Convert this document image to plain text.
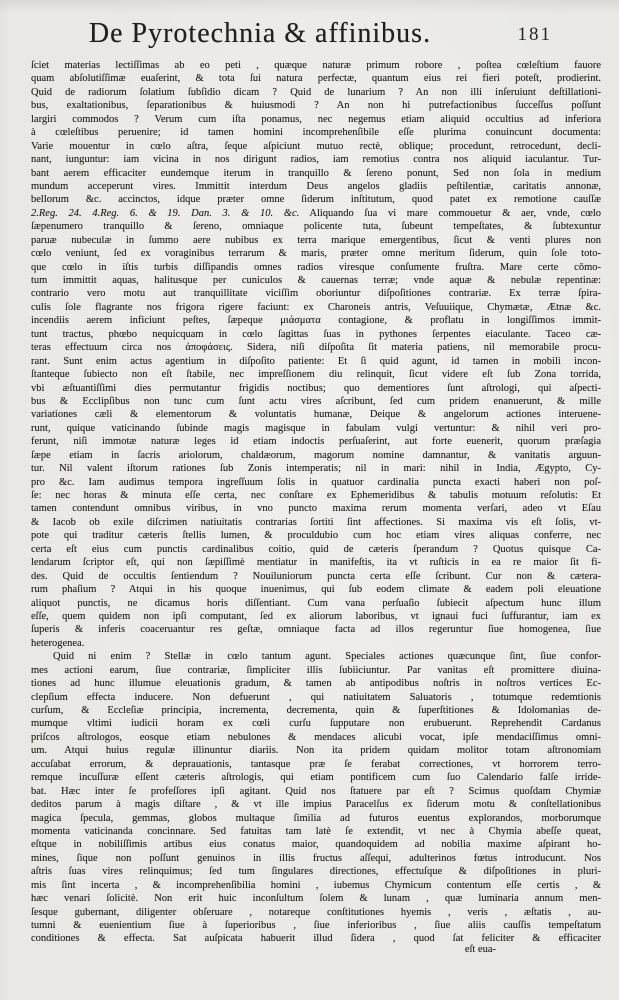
De Pyrotechnia & affinibus.	181
ſciet materias lectiſſimas ab eo peti , quæque naturæ primum robore , poſtea cœleſtium fauore
quam abſolutiſſimæ euaſerint, & tota ſui natura perfectæ, quantum eius rei fieri poteſt, prodierint.
Quid de radiorum ſolatium ſubſidio dicam ? Quid de lunarium ? An non illi inſeruiunt deſtillationi-
bus, exaltationibus, ſeparationibus & huiusmodi ? An non hi putrefactionibus ſucceſſus poſſunt
largiri commodos ? Verum cum iſta ponamus, nec negemus etiam aliquid occultius ad inferiora
à cœleſtibus peruenire; id tamen homini incomprehenſibile eſſe plurima conuincunt documenta:
Varie mouentur in cœlo aſtra, ſeque aſpiciunt mutuo rectè, oblique; procedunt, retrocedunt, decli-
nant, iunguntur: iam vicina in nos dirigunt radios, iam remotius contra nos aliquid iaculantur. Tur-
bant aerem efficaciter eundemque iterum in tranquillo & ſereno ponunt, Sed non ſola in medium
mundum acceperunt vires. Immittit interdum Deus angelos gladiis peſtilentiæ, caritatis annonæ,
bellorum &c. accinctos, idque præter omne ſiderum inſtitutum, quod patet ex remotione cauſſæ
2.Reg. 24. 4.Reg. 6. & 19. Dan. 3. & 10. &c. Aliquando ſua vi mare commouetur & aer, vnde, cœlo
ſæpenumero tranquillo & ſereno, omniaque policente tuta, ſubeunt tempeſtates, & ſubtexuntur
paruæ nubeculæ in ſummo aere nubibus ex terra marique emergentibus, ſicut & venti plures non
cœlo veniunt, ſed ex voraginibus terrarum & maris, præter omne meritum ſiderum, quin ſole toto-
que cœlo in iſtis turbis diſſipandis omnes radios viresque conſumente fruſtra. Mare certe cōmo-
tum immittit aquas, halitusque per cuniculos & cauernas terræ; vnde aquæ & nebulæ repentinæ:
contrario vero motu aut tranquillitate viciſſim oboriuntur diſpoſitiones contrariæ. Ex terræ ſpira-
culis ſole flagrante nos frigora rigere faciunt: ex Charoneis antris, Veſuuiique, Chymætæ, Ætnæ &c.
incendiis aerem inficiunt peſtes, ſæpeque μιάσματα contagione, & proflatu in longiſſimos immit-
tunt tractus, phœbo nequicquam in cœlo ſagittas ſuas in pythones ſerpentes eiaculante. Taceo cæ-
teras effectuum circa nos ἀποφάσεις. Sidera, niſi diſpoſita ſit materia patiens, nil memorabile procu-
rant. Sunt enim actus agentium in diſpoſito patiente: Et ſi quid agunt, id tamen in mobili incon-
ſtanteque ſubiecto non eſt ſtabile, nec impreſſionem diu relinquit, ſicut videre eſt ſub Zona torrida,
vbi æſtuantiſſimi dies permutantur frigidis noctibus; quo dementiores ſunt aſtrologi, qui aſpecti-
bus & Ecclipſibus non tunc cum ſunt actu vires aſcribunt, ſed cum pridem enanuerunt, & mille
variationes cæli & elementorum & voluntatis humanæ, Deique & angelorum actiones interuene-
runt, quique vaticinando ſubinde magis magisque in fabulam vulgi vertuntur: & nihil veri pro-
ferunt, niſi immotæ naturæ leges id etiam indoctis perſuaſerint, aut forte euenerit, quorum præſagia
ſæpe etiam in ſacris ariolorum, chaldæorum, magorum nomine damnantur, & vanitatis arguun-
tur. Nil valent iſtorum rationes ſub Zonis intemperatis; nil in mari: nihil in India, Ægypto, Cy-
pro &c. Iam audimus tempora ingreſſuum ſolis in quatuor cardinalia puncta exacti haberi non poſ-
ſe: nec horas & minuta eſſe certa, nec conſtare ex Ephemeridibus & tabulis motuum reſolutis: Et
tamen contendunt omnibus viribus, in vno puncto maxima rerum momenta verſari, adeo vt Eſau
& Iacob ob exile diſcrimen natiuitatis contrarias ſortiti ſint affectiones. Si maxima vis eſt ſolis, vt-
pote qui traditur cæteris ſtellis lumen, & proculdubio cum hoc etiam vires aliquas conferre, nec
certa eſt eius cum punctis cardinalibus coitio, quid de cæteris ſperandum ? Quotus quisque Ca-
lendarum ſcriptor eſt, qui non ſæpiſſimè mentiatur in manifeſtis, ita vt ruſticis in ea re maior ſit fi-
des. Quid de occultis ſentiendum ? Nouiluniorum puncta certa eſſe ſcribunt. Cur non & cætera-
rum phaſium ? Atqui in his quoque inuenimus, qui ſub eodem climate & eadem poli eleuatione
aliquot punctis, ne dicamus horis diſſentiant. Cum vana perſuaſio ſubiecit aſpectum hunc illum
eſſe, quem quidem non ipſi computant, ſed ex aliorum laboribus, vt ignaui fuci ſuffurantur, iam ex
ſuperis & inferis coaceruantur res geſtæ, omniaque facta ad illos regeruntur ſiue homogenea, ſiue
heterogenea.
Quid ni enim ? Stellæ in cœlo tantum agunt. Speciales actiones quæcunque ſint, ſiue confor-
mes actioni earum, ſiue contrariæ, ſimpliciter illis ſubiiciuntur. Par vanitas eſt promittere diuina-
tiones ad hunc illumue eleuationis gradum, & tamen ab antipodibus noſtris in noſtros vertices Ec-
clepſium effecta inducere. Non defuerunt , qui natiuitatem Saluatoris , totumque redemtionis
curſum, & Eccleſiæ principia, incrementa, decrementa, quin & ſuperſtitiones & Idolomanias de-
mumque vltimi iudicii horam ex cœli curſu ſupputare non erubuerunt. Reprehendit Cardanus
priſcos aſtrologos, eosque etiam nebulones & mendaces alicubi vocat, ipſe mendaciſſimus omni-
um. Atqui huius regulæ illinuntur diariis. Non ita pridem quidam molitor totam aſtronomiam
accuſabat errorum, & deprauationis, tantasque præ ſe ferabat correctiones, vt horrorem terro-
remque incuſſuræ eſſent cæteris aſtrologis, qui etiam pontificem cum ſuo Calendario falſe irride-
bat. Hæc inter ſe profeſſores ipſi agitant. Quid nos ſtatuere par eſt ? Scimus quoſdam Chymiæ
deditos parum à magis diſtare , & vt ille impius Paracelſus ex ſiderum motu & conſtellationibus
magica ſpecula, gemmas, globos multaque ſimilia ad futuros euentus explorandos, morborumque
momenta vaticinanda concinnare. Sed fatuitas tam latè ſe extendit, vt nec à Chymia abeſſe queat,
eſtque in nobiliſſimis artibus eius conatus maior, quandoquidem ad nobilia maxime aſpirant ho-
mines, ſique non poſſunt genuinos in illis fructus aſſequi, adulterinos fœtus introducunt. Nos
aſtris ſuas vires relinquimus; ſed tum ſingulares directiones, effectuſque & diſpoſitiones in pluri-
mis ſint incerta , & incomprehenſibilia homini , iubemus Chymicum contentum eſſe certis , &
hæc venari ſolicitè. Non erit huic inconſultum ſolem & lunam , quæ luminaria annum men-
ſesque gubernant, diligenter obſeruare , notareque conſtitutiones hyemis , veris , æſtatis , au-
tumni & euenientium ſiue à ſuperioribus , ſiue inferioribus , ſiue aliis cauſſis tempeſtatum
conditiones & effecta. Sat auſpicata habuerit illud ſidera , quod ſat feliciter & efficaciter
eſt eua-
